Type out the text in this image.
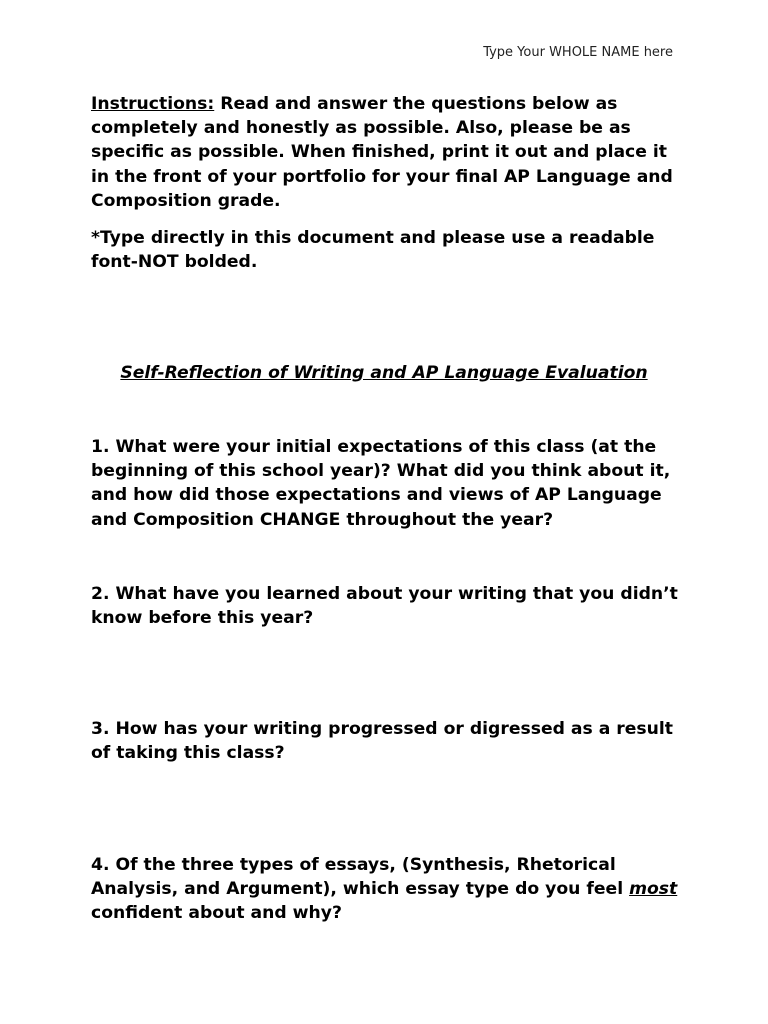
Type Your WHOLE NAME here
Instructions: Read and answer the questions below as completely and honestly as possible. Also, please be as specific as possible. When finished, print it out and place it in the front of your portfolio for your final AP Language and Composition grade.
*Type directly in this document and please use a readable font-NOT bolded.
Self-Reflection of Writing and AP Language Evaluation
1. What were your initial expectations of this class (at the beginning of this school year)? What did you think about it, and how did those expectations and views of AP Language and Composition CHANGE throughout the year?
2. What have you learned about your writing that you didn’t know before this year?
3. How has your writing progressed or digressed as a result of taking this class?
4. Of the three types of essays, (Synthesis, Rhetorical Analysis, and Argument), which essay type do you feel most confident about and why?
